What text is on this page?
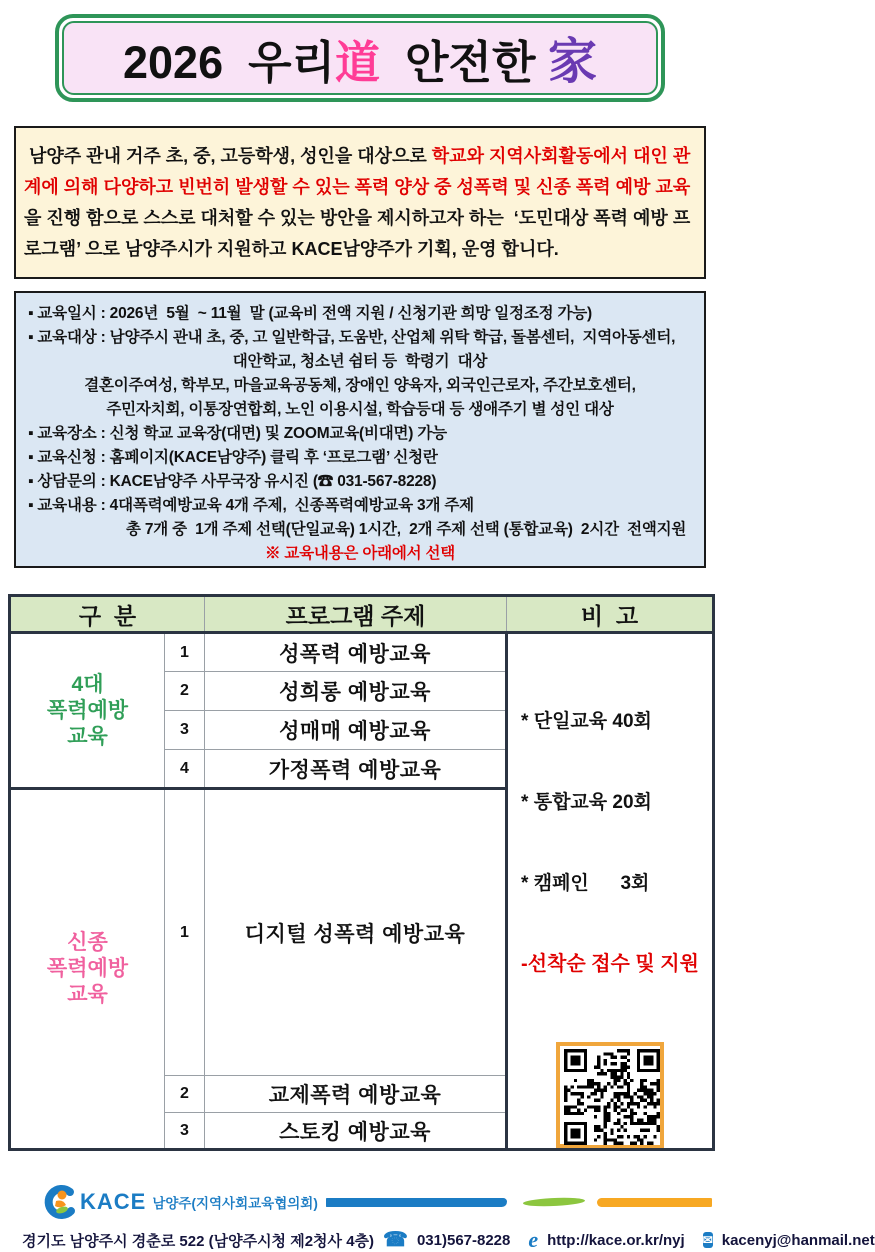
2026  우리 道 안전한 家
남양주 관내 거주 초, 중, 고등학생, 성인을 대상으로 학교와 지역사회활동에서 대인 관계에 의해 다양하고 빈번히 발생할 수 있는 폭력 양상 중 성폭력 및 신종 폭력 예방 교육을 진행 함으로 스스로 대처할 수 있는 방안을 제시하고자 하는  ‘도민대상 폭력 예방 프로그램’ 으로 남양주시가 지원하고 KACE남양주가 기획, 운영 합니다.
▪ 교육일시 : 2026년  5월  ~ 11월  말 (교육비 전액 지원 / 신청기관 희망 일정조정 가능)
▪ 교육대상 : 남양주시 관내 초, 중, 고 일반학급, 도움반, 산업체 위탁 학급, 돌봄센터,  지역아동센터,
대안학교, 청소년 쉼터 등  학령기  대상
결혼이주여성, 학부모, 마을교육공동체, 장애인 양육자, 외국인근로자, 주간보호센터,
주민자치회, 이통장연합회, 노인 이용시설, 학습등대 등 생애주기 별 성인 대상
▪ 교육장소 : 신청 학교 교육장(대면) 및 ZOOM교육(비대면) 가능
▪ 교육신청 : 홈페이지(KACE남양주) 클릭 후 ‘프로그램’ 신청란
▪ 상담문의 : KACE남양주 사무국장 유시진 (☎ 031-567-8228)
▪ 교육내용 : 4대폭력예방교육 4개 주제,  신종폭력예방교육 3개 주제
총 7개 중  1개 주제 선택(단일교육) 1시간,  2개 주제 선택 (통합교육)  2시간  전액지원
※ 교육내용은 아래에서 선택
구  분		프로그램 주제	비  고
4대
폭력예방
교육	1	성폭력 예방교육	

* 단일교육 40회

* 통합교육 20회

* 캠페인      3회

-선착순 접수 및 지원

	2	성희롱 예방교육	
	3	성매매 예방교육	
	4	가정폭력 예방교육	
신종
폭력예방
교육	1	디지털 성폭력 예방교육	
	2	교제폭력 예방교육	
	3	스토킹 예방교육	
KACE 남양주(지역사회교육협의회)
경기도 남양주시 경춘로 522 (남양주시청 제2청사 4층) ☎ 031)567-8228 e http://kace.or.kr/nyj ✉ kacenyj@hanmail.net
